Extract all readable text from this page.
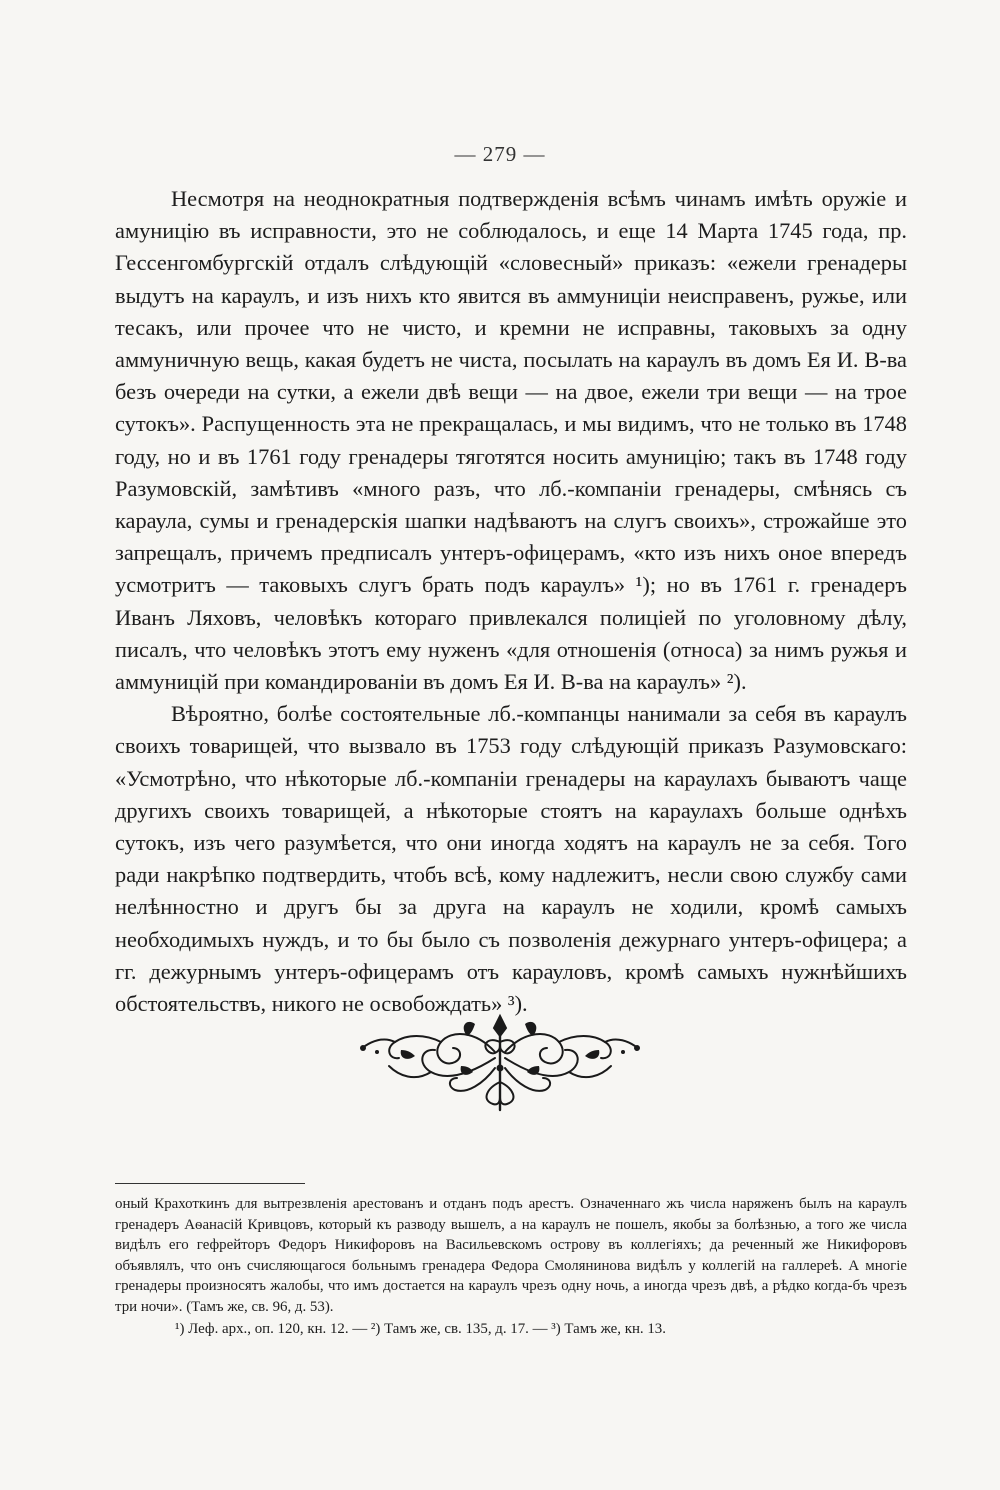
— 279 —

Несмотря на неоднократныя подтвержденія всѣмъ чинамъ имѣть оружіе и амуницію въ исправности, это не соблюдалось, и еще 14 Марта 1745 года, пр. Гессенгомбургскій отдалъ слѣдующій «словесный» приказъ: «ежели гренадеры выдутъ на караулъ, и изъ нихъ кто явится въ аммуниціи неисправенъ, ружье, или тесакъ, или прочее что не чисто, и кремни не исправны, таковыхъ за одну аммуничную вещь, какая будетъ не чиста, посылать на караулъ въ домъ Ея И. В-ва безъ очереди на сутки, а ежели двѣ вещи — на двое, ежели три вещи — на трое сутокъ». Распущенность эта не прекращалась, и мы видимъ, что не только въ 1748 году, но и въ 1761 году гренадеры тяготятся носить амуницію; такъ въ 1748 году Разумовскій, замѣтивъ «много разъ, что лб.-компаніи гренадеры, смѣнясь съ караула, сумы и гренадерскія шапки надѣваютъ на слугъ своихъ», строжайше это запрещалъ, причемъ предписалъ унтеръ-офицерамъ, «кто изъ нихъ оное впередъ усмотритъ — таковыхъ слугъ брать подъ караулъ» ¹); но въ 1761 г. гренадеръ Иванъ Ляховъ, человѣкъ котораго привлекался полиціей по уголовному дѣлу, писалъ, что человѣкъ этотъ ему нуженъ «для отношенія (относа) за нимъ ружья и аммуницій при командированіи въ домъ Ея И. В-ва на караулъ» ²).

Вѣроятно, болѣе состоятельные лб.-компанцы нанимали за себя въ караулъ своихъ товарищей, что вызвало въ 1753 году слѣдующій приказъ Разумовскаго: «Усмотрѣно, что нѣкоторые лб.-компаніи гренадеры на караулахъ бываютъ чаще другихъ своихъ товарищей, а нѣкоторые стоятъ на караулахъ больше однѣхъ сутокъ, изъ чего разумѣется, что они иногда ходятъ на караулъ не за себя. Того ради накрѣпко подтвердить, чтобъ всѣ, кому надлежитъ, несли свою службу сами нелѣнностно и другъ бы за друга на караулъ не ходили, кромѣ самыхъ необходимыхъ нуждъ, и то бы было съ позволенія дежурнаго унтеръ-офицера; а гг. дежурнымъ унтеръ-офицерамъ отъ карауловъ, кромѣ самыхъ нужнѣйшихъ обстоятельствъ, никого не освобождать» ³).

оный Крахоткинъ для вытрезвленія арестованъ и отданъ подъ арестъ. Означеннаго жъ числа наряженъ былъ на караулъ гренадеръ Аѳанасій Кривцовъ, который къ разводу вышелъ, а на караулъ не пошелъ, якобы за болѣзнью, а того же числа видѣлъ его гефрейторъ Федоръ Никифоровъ на Васильевскомъ острову въ коллегіяхъ; да реченный же Никифоровъ объявлялъ, что онъ счисляющагося больнымъ гренадера Федора Смолянинова видѣлъ у коллегій на галлереѣ. А многіе гренадеры произносятъ жалобы, что имъ достается на караулъ чрезъ одну ночь, а иногда чрезъ двѣ, а рѣдко когда-бъ чрезъ три ночи». (Тамъ же, св. 96, д. 53).

¹) Леф. арх., оп. 120, кн. 12. — ²) Тамъ же, св. 135, д. 17. — ³) Тамъ же, кн. 13.
